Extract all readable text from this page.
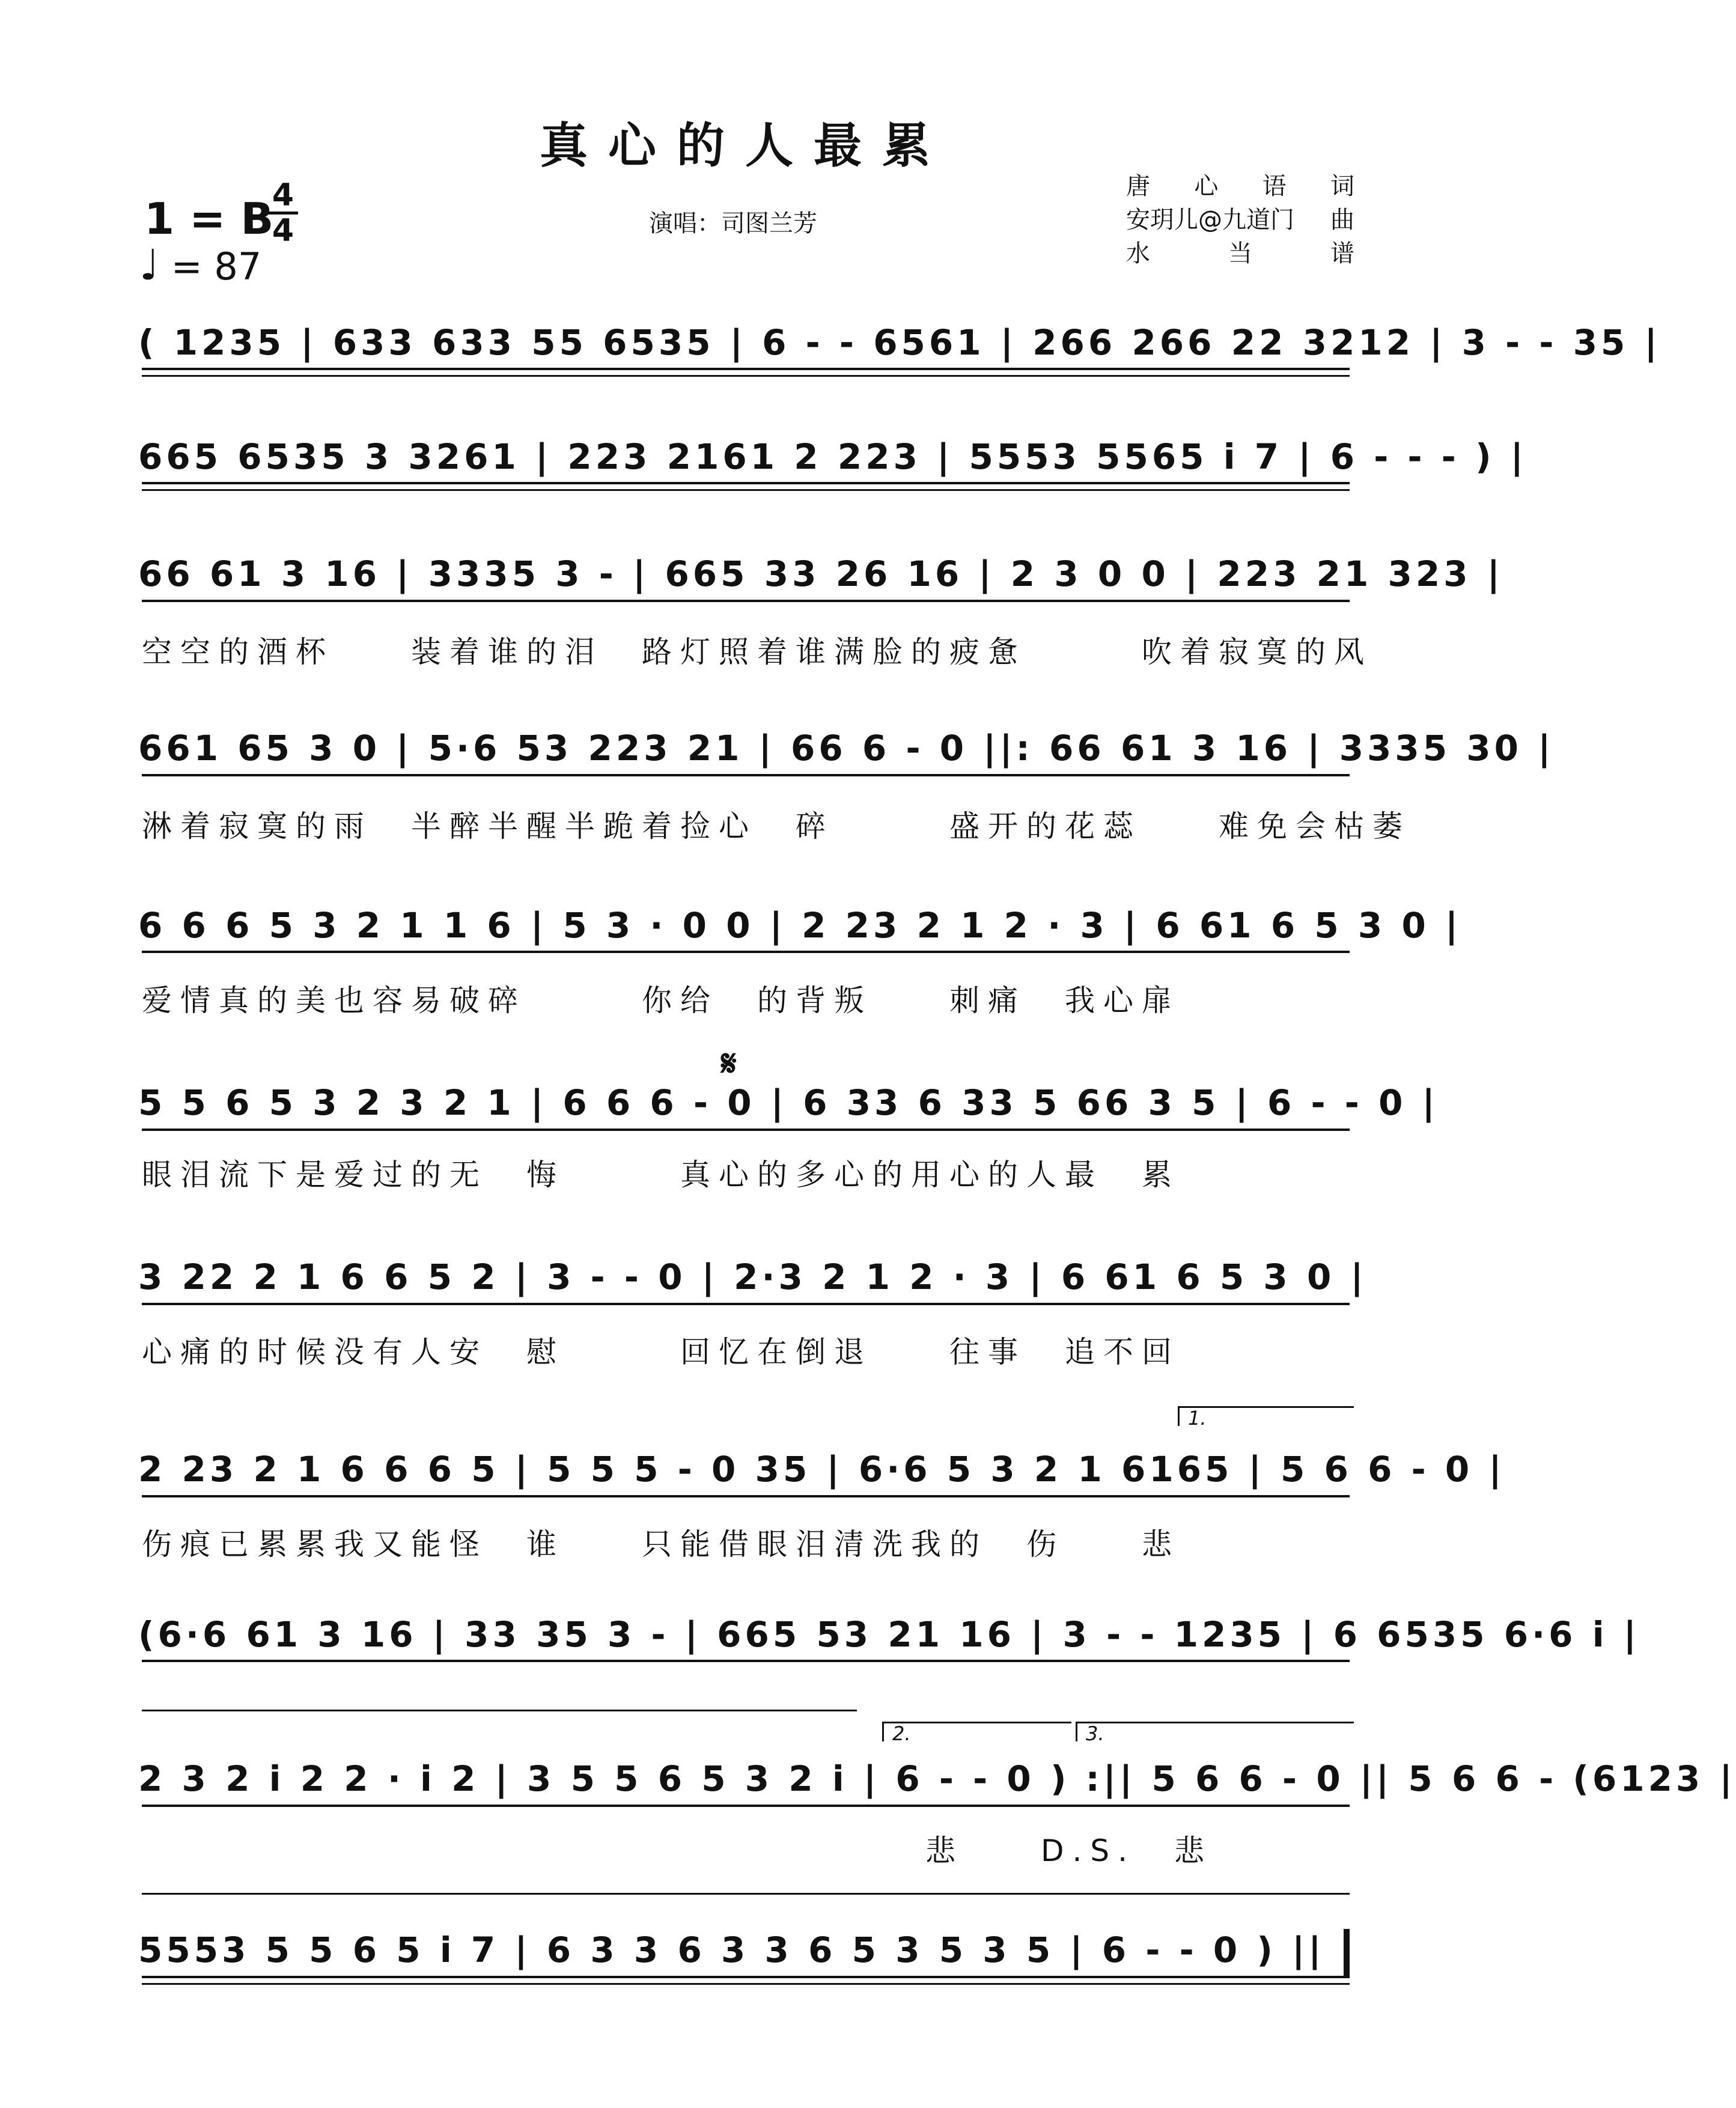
真心的人最累
1 = B
4
4
♩ = 87
演唱：司图兰芳
唐 心 语 词
安玥儿@九道门 曲
水	当	谱
( 1235 | 633 633 55 6535 | 6 - - 6561 | 266 266 22 3212 | 3 - - 35 |
665 6535 3 3261 | 223 2161 2 223 | 5553 5565 i 7 | 6 - - - ) |
66 61 3 16 | 3335 3 - | 665 33 26 16 | 2 3 0 0 | 223 21 323 |
空空的酒杯　　装着谁的泪　路灯照着谁满脸的疲惫　　　吹着寂寞的风
661 65 3 0 | 5·6 53 223 21 | 66 6 - 0 ||: 66 61 3 16 | 3335 30 |
淋着寂寞的雨　半醉半醒半跪着捡心　碎　　　盛开的花蕊　　难免会枯萎
6 6 6 5 3 2 1 1 6 | 5 3 · 0 0 | 2 23 2 1 2 · 3 | 6 61 6 5 3 0 |
爱情真的美也容易破碎　　　你给　的背叛　　刺痛　我心扉
𝄋
5 5 6 5 3 2 3 2 1 | 6 6 6 - 0 | 6 33 6 33 5 66 3 5 | 6 - - 0 |
眼泪流下是爱过的无　悔　　　真心的多心的用心的人最　累
3 22 2 1 6 6 5 2 | 3 - - 0 | 2·3 2 1 2 · 3 | 6 61 6 5 3 0 |
心痛的时候没有人安　慰　　　回忆在倒退　　往事　追不回
1.
2 23 2 1 6 6 6 5 | 5 5 5 - 0 35 | 6·6 5 3 2 1 6165 | 5 6 6 - 0 |
伤痕已累累我又能怪　谁　　只能借眼泪清洗我的　伤　　悲
(6·6 61 3 16 | 33 35 3 - | 665 53 21 16 | 3 - - 1235 | 6 6535 6·6 i |
2.	3.
2 3 2 i 2 2 · i 2 | 3 5 5 6 5 3 2 i | 6 - - 0 ) :|| 5 6 6 - 0 || 5 6 6 - (6123 |
悲　　D.S.　悲
5553 5 5 6 5 i 7 | 6 3 3 6 3 3 6 5 3 5 3 5 | 6 - - 0 ) ||
